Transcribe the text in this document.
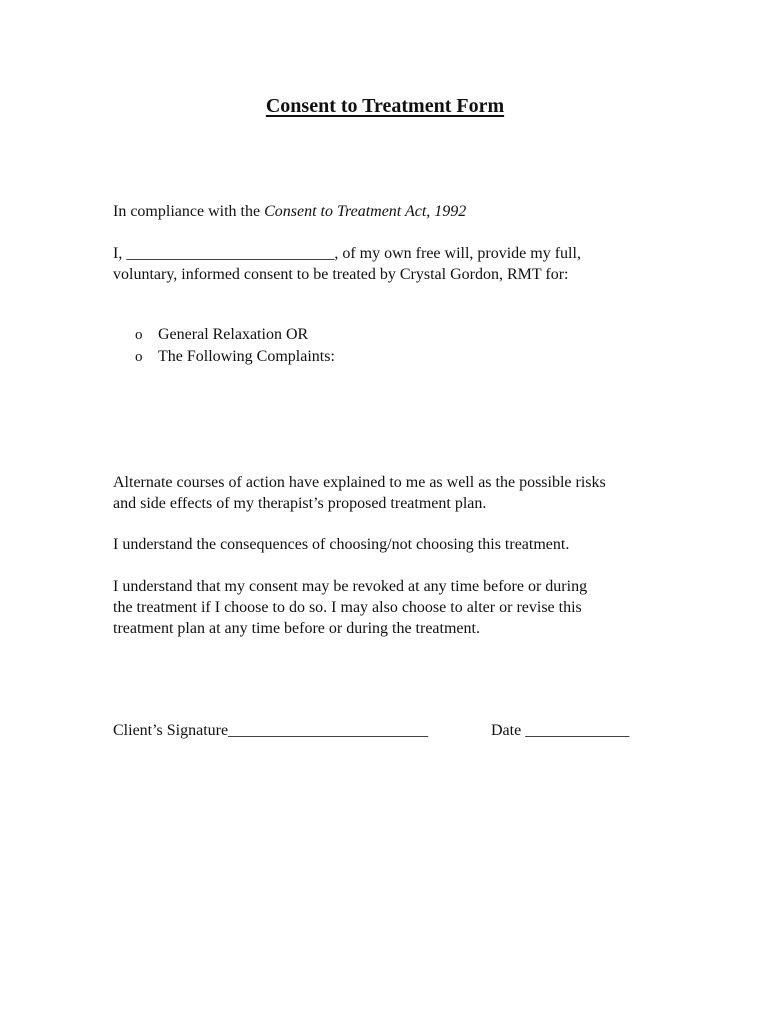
Consent to Treatment Form

In compliance with the Consent to Treatment Act, 1992

I, __________________________, of my own free will, provide my full,
voluntary, informed consent to be treated by Crystal Gordon, RMT for:

o General Relaxation OR
o The Following Complaints:

Alternate courses of action have explained to me as well as the possible risks
and side effects of my therapist’s proposed treatment plan.

I understand the consequences of choosing/not choosing this treatment.

I understand that my consent may be revoked at any time before or during
the treatment if I choose to do so. I may also choose to alter or revise this
treatment plan at any time before or during the treatment.

Client’s Signature_________________________	Date _____________
